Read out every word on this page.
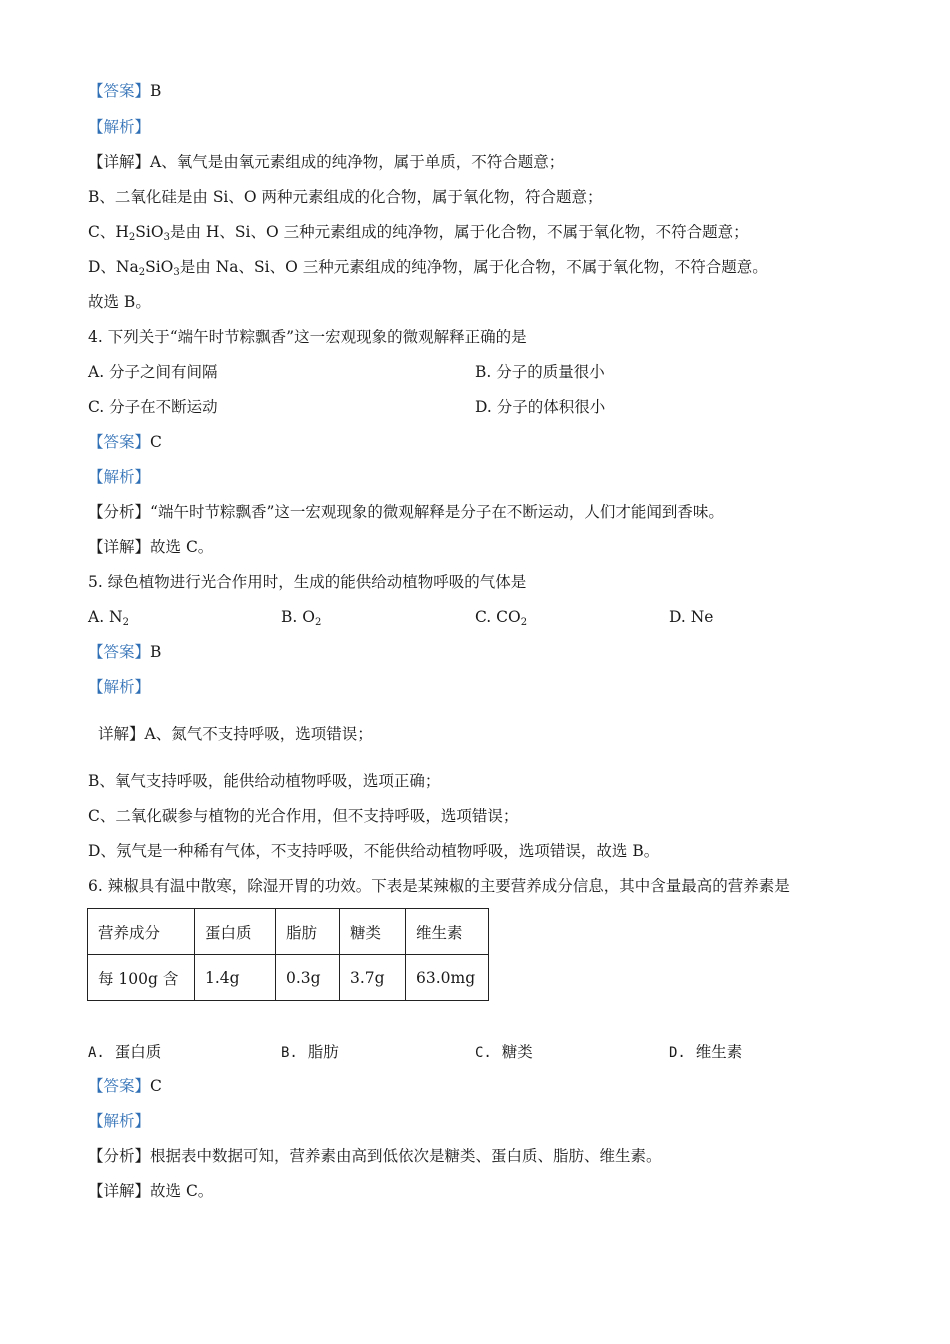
【答案】B
【解析】
【详解】A、氧气是由氧元素组成的纯净物，属于单质，不符合题意；
B、二氧化硅是由 Si、O 两种元素组成的化合物，属于氧化物，符合题意；
C、$H_2SiO_3$是由 H、Si、O 三种元素组成的纯净物，属于化合物，不属于氧化物，不符合题意；
D、$Na_2SiO_3$是由 Na、Si、O 三种元素组成的纯净物，属于化合物，不属于氧化物，不符合题意。
故选 B。
4. 下列关于“端午时节粽飘香”这一宏观现象的微观解释正确的是
A. 分子之间有间隔	B. 分子的质量很小
C. 分子在不断运动	D. 分子的体积很小
【答案】C
【解析】
【分析】“端午时节粽飘香”这一宏观现象的微观解释是分子在不断运动，人们才能闻到香味。
【详解】故选 C。
5. 绿色植物进行光合作用时，生成的能供给动植物呼吸的气体是
A. $N_2$	B. $O_2$	C. $CO_2$	D. Ne
【答案】B
【解析】
详解】A、氮气不支持呼吸，选项错误；
B、氧气支持呼吸，能供给动植物呼吸，选项正确；
C、二氧化碳参与植物的光合作用，但不支持呼吸，选项错误；
D、氖气是一种稀有气体，不支持呼吸，不能供给动植物呼吸，选项错误，故选 B。
6. 辣椒具有温中散寒，除湿开胃的功效。下表是某辣椒的主要营养成分信息，其中含量最高的营养素是
营养成分	蛋白质	脂肪	糖类	维生素
每 100g 含	1.4g	0.3g	3.7g	63.0mg
A. 蛋白质	B. 脂肪	C. 糖类	D. 维生素
【答案】C
【解析】
【分析】根据表中数据可知，营养素由高到低依次是糖类、蛋白质、脂肪、维生素。
【详解】故选 C。
